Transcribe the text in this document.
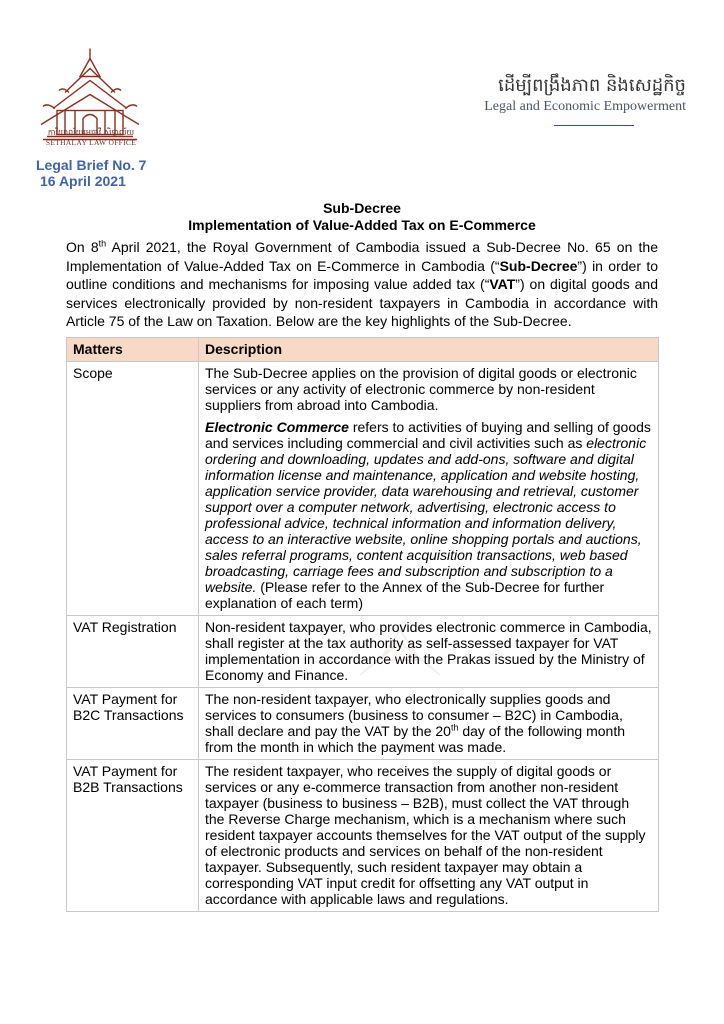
ការិយាល័យមេធាវី សិទ្ធាល័យ
SETHALAY LAW OFFICE
Legal Brief No. 7
16 April 2021
ដើម្បីពង្រឹងភាព និងសេដ្ឋកិច្ច
Legal and Economic Empowerment
Sub-Decree
Implementation of Value-Added Tax on E-Commerce

On 8th April 2021, the Royal Government of Cambodia issued a Sub-Decree No. 65 on the Implementation of Value-Added Tax on E-Commerce in Cambodia (“Sub-Decree”) in order to outline conditions and mechanisms for imposing value added tax (“VAT”) on digital goods and services electronically provided by non-resident taxpayers in Cambodia in accordance with Article 75 of the Law on Taxation. Below are the key highlights of the Sub-Decree.

Matters	Description
Scope	The Sub-Decree applies on the provision of digital goods or electronic services or any activity of electronic commerce by non-resident suppliers from abroad into Cambodia.

Electronic Commerce refers to activities of buying and selling of goods and services including commercial and civil activities such as electronic ordering and downloading, updates and add-ons, software and digital information license and maintenance, application and website hosting, application service provider, data warehousing and retrieval, customer support over a computer network, advertising, electronic access to professional advice, technical information and information delivery, access to an interactive website, online shopping portals and auctions, sales referral programs, content acquisition transactions, web based broadcasting, carriage fees and subscription and subscription to a website. (Please refer to the Annex of the Sub-Decree for further explanation of each term)

VAT Registration	Non-resident taxpayer, who provides electronic commerce in Cambodia, shall register at the tax authority as self-assessed taxpayer for VAT implementation in accordance with the Prakas issued by the Ministry of Economy and Finance.
VAT Payment for B2C Transactions	The non-resident taxpayer, who electronically supplies goods and services to consumers (business to consumer – B2C) in Cambodia, shall declare and pay the VAT by the 20th day of the following month from the month in which the payment was made.
VAT Payment for B2B Transactions	The resident taxpayer, who receives the supply of digital goods or services or any e-commerce transaction from another non-resident taxpayer (business to business – B2B), must collect the VAT through the Reverse Charge mechanism, which is a mechanism where such resident taxpayer accounts themselves for the VAT output of the supply of electronic products and services on behalf of the non-resident taxpayer. Subsequently, such resident taxpayer may obtain a corresponding VAT input credit for offsetting any VAT output in accordance with applicable laws and regulations.
